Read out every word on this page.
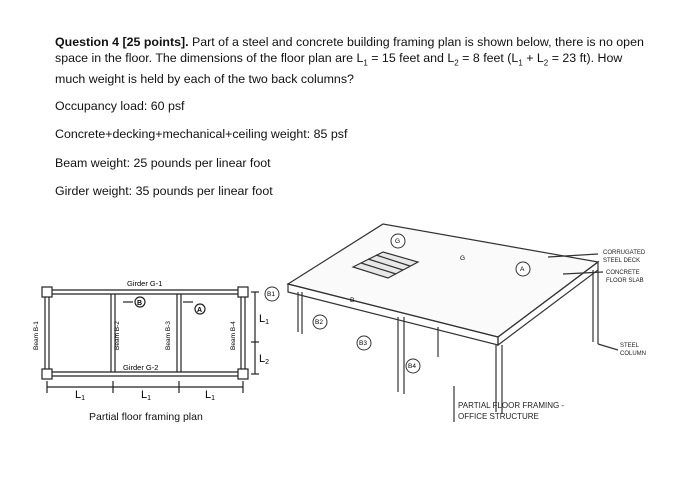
Question 4 [25 points]. Part of a steel and concrete building framing plan is shown below, there is no open space in the floor. The dimensions of the floor plan are $L_1 = 15$ feet and $L_2 = 8$ feet ($L_1 + L_2 = 23$ ft). How much weight is held by each of the two back columns?
Occupancy load: 60 psf
Concrete+decking+mechanical+ceiling weight: 85 psf
Beam weight: 25 pounds per linear foot
Girder weight: 35 pounds per linear foot
Girder G-1
Girder G-2
B
A
Beam B-1	Beam B-2	Beam B-3	Beam B-4
L1	L1	L1
L1
L2
Partial floor framing plan
B1
B2
B3
B4
G
A
B
G
CORRUGATED
STEEL DECK
CONCRETE
FLOOR SLAB
STEEL
COLUMN
PARTIAL FLOOR FRAMING -
OFFICE STRUCTURE
